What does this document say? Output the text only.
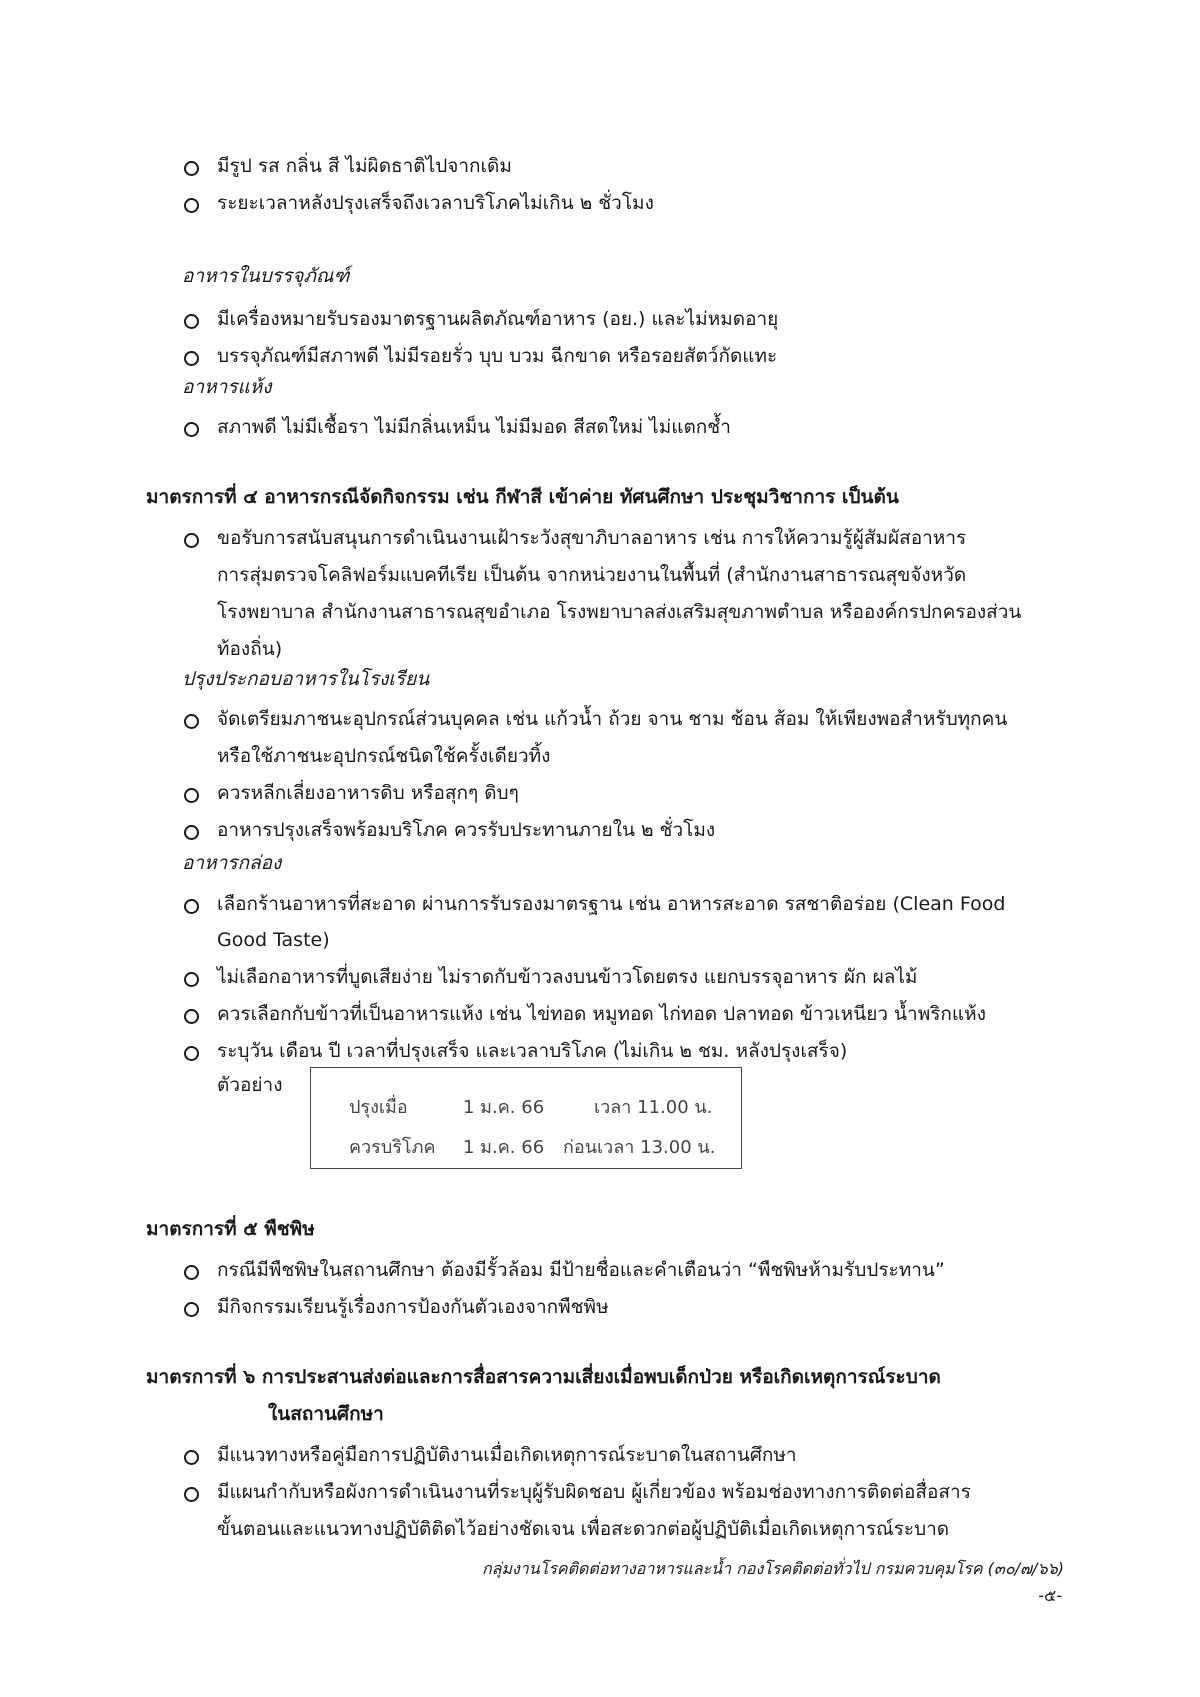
มีรูป รส กลิ่น สี ไม่ผิดธาติไปจากเดิม
ระยะเวลาหลังปรุงเสร็จถึงเวลาบริโภคไม่เกิน ๒ ชั่วโมง
อาหารในบรรจุภัณฑ์
มีเครื่องหมายรับรองมาตรฐานผลิตภัณฑ์อาหาร (อย.) และไม่หมดอายุ
บรรจุภัณฑ์มีสภาพดี ไม่มีรอยรั่ว บุบ บวม ฉีกขาด หรือรอยสัตว์กัดแทะ
อาหารแห้ง
สภาพดี ไม่มีเชื้อรา ไม่มีกลิ่นเหม็น ไม่มีมอด สีสดใหม่ ไม่แตกช้ำ
มาตรการที่ ๔ อาหารกรณีจัดกิจกรรม เช่น กีฬาสี เข้าค่าย ทัศนศึกษา ประชุมวิชาการ เป็นต้น
ขอรับการสนับสนุนการดำเนินงานเฝ้าระวังสุขาภิบาลอาหาร เช่น การให้ความรู้ผู้สัมผัสอาหาร
การสุ่มตรวจโคลิฟอร์มแบคทีเรีย เป็นต้น จากหน่วยงานในพื้นที่ (สำนักงานสาธารณสุขจังหวัด
โรงพยาบาล สำนักงานสาธารณสุขอำเภอ โรงพยาบาลส่งเสริมสุขภาพตำบล หรือองค์กรปกครองส่วน
ท้องถิ่น)
ปรุงประกอบอาหารในโรงเรียน
จัดเตรียมภาชนะอุปกรณ์ส่วนบุคคล เช่น แก้วน้ำ ถ้วย จาน ชาม ช้อน ส้อม ให้เพียงพอสำหรับทุกคน
หรือใช้ภาชนะอุปกรณ์ชนิดใช้ครั้งเดียวทิ้ง
ควรหลีกเลี่ยงอาหารดิบ หรือสุกๆ ดิบๆ
อาหารปรุงเสร็จพร้อมบริโภค ควรรับประทานภายใน ๒ ชั่วโมง
อาหารกล่อง
เลือกร้านอาหารที่สะอาด ผ่านการรับรองมาตรฐาน เช่น อาหารสะอาด รสชาติอร่อย (Clean Food
Good Taste)
ไม่เลือกอาหารที่บูดเสียง่าย ไม่ราดกับข้าวลงบนข้าวโดยตรง แยกบรรจุอาหาร ผัก ผลไม้
ควรเลือกกับข้าวที่เป็นอาหารแห้ง เช่น ไข่ทอด หมูทอด ไก่ทอด ปลาทอด ข้าวเหนียว น้ำพริกแห้ง
ระบุวัน เดือน ปี เวลาที่ปรุงเสร็จ และเวลาบริโภค (ไม่เกิน ๒ ชม. หลังปรุงเสร็จ)
ตัวอย่าง
ปรุงเมื่อ	1 ม.ค. 66	เวลา 11.00 น.
ควรบริโภค 1 ม.ค. 66 ก่อนเวลา 13.00 น.
มาตรการที่ ๕ พืชพิษ
กรณีมีพืชพิษในสถานศึกษา ต้องมีรั้วล้อม มีป้ายชื่อและคำเตือนว่า “พืชพิษห้ามรับประทาน”
มีกิจกรรมเรียนรู้เรื่องการป้องกันตัวเองจากพืชพิษ
มาตรการที่ ๖ การประสานส่งต่อและการสื่อสารความเสี่ยงเมื่อพบเด็กป่วย หรือเกิดเหตุการณ์ระบาด
ในสถานศึกษา
มีแนวทางหรือคู่มือการปฏิบัติงานเมื่อเกิดเหตุการณ์ระบาดในสถานศึกษา
มีแผนกำกับหรือผังการดำเนินงานที่ระบุผู้รับผิดชอบ ผู้เกี่ยวข้อง พร้อมช่องทางการติดต่อสื่อสาร
ขั้นตอนและแนวทางปฏิบัติติดไว้อย่างชัดเจน เพื่อสะดวกต่อผู้ปฏิบัติเมื่อเกิดเหตุการณ์ระบาด
กลุ่มงานโรคติดต่อทางอาหารและน้ำ กองโรคติดต่อทั่วไป กรมควบคุมโรค (๓๐/๗/๖๖)
-๕-
